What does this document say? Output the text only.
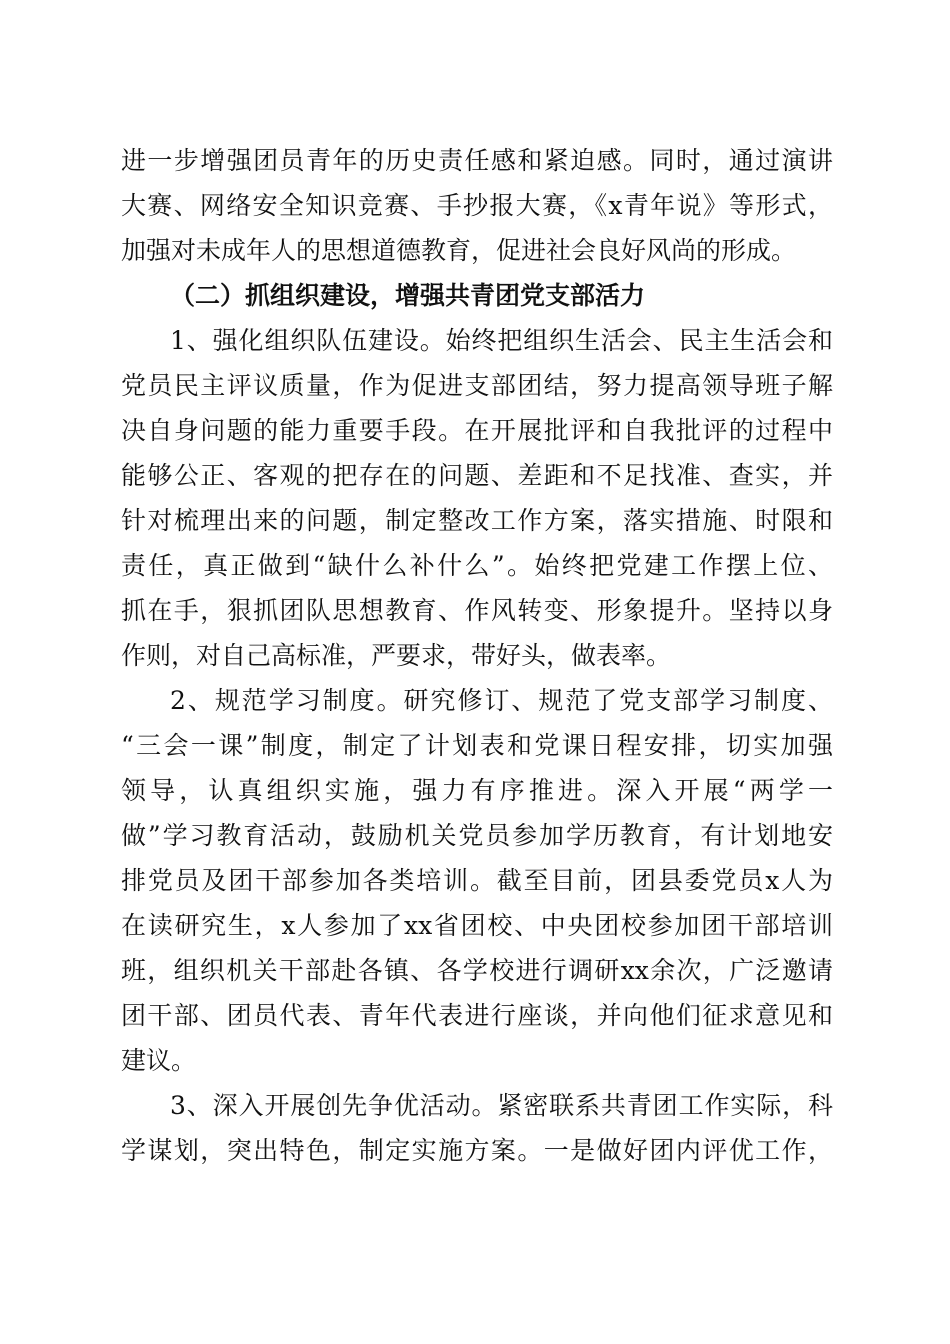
进一步增强团员青年的历史责任感和紧迫感。同时，通过演讲
大赛、网络安全知识竞赛、手抄报大赛，《x青年说》等形式，
加强对未成年人的思想道德教育，促进社会良好风尚的形成。
（二）抓组织建设，增强共青团党支部活力
1、强化组织队伍建设。始终把组织生活会、民主生活会和
党员民主评议质量，作为促进支部团结，努力提高领导班子解
决自身问题的能力重要手段。在开展批评和自我批评的过程中
能够公正、客观的把存在的问题、差距和不足找准、查实，并
针对梳理出来的问题，制定整改工作方案，落实措施、时限和
责任，真正做到“缺什么补什么”。始终把党建工作摆上位、
抓在手，狠抓团队思想教育、作风转变、形象提升。坚持以身
作则，对自己高标准，严要求，带好头，做表率。
2、规范学习制度。研究修订、规范了党支部学习制度、
“三会一课”制度，制定了计划表和党课日程安排，切实加强
领导，认真组织实施，强力有序推进。深入开展“两学一
做”学习教育活动，鼓励机关党员参加学历教育，有计划地安
排党员及团干部参加各类培训。截至目前，团县委党员x人为
在读研究生，x人参加了xx省团校、中央团校参加团干部培训
班，组织机关干部赴各镇、各学校进行调研xx余次，广泛邀请
团干部、团员代表、青年代表进行座谈，并向他们征求意见和
建议。
3、深入开展创先争优活动。紧密联系共青团工作实际，科
学谋划，突出特色，制定实施方案。一是做好团内评优工作，
